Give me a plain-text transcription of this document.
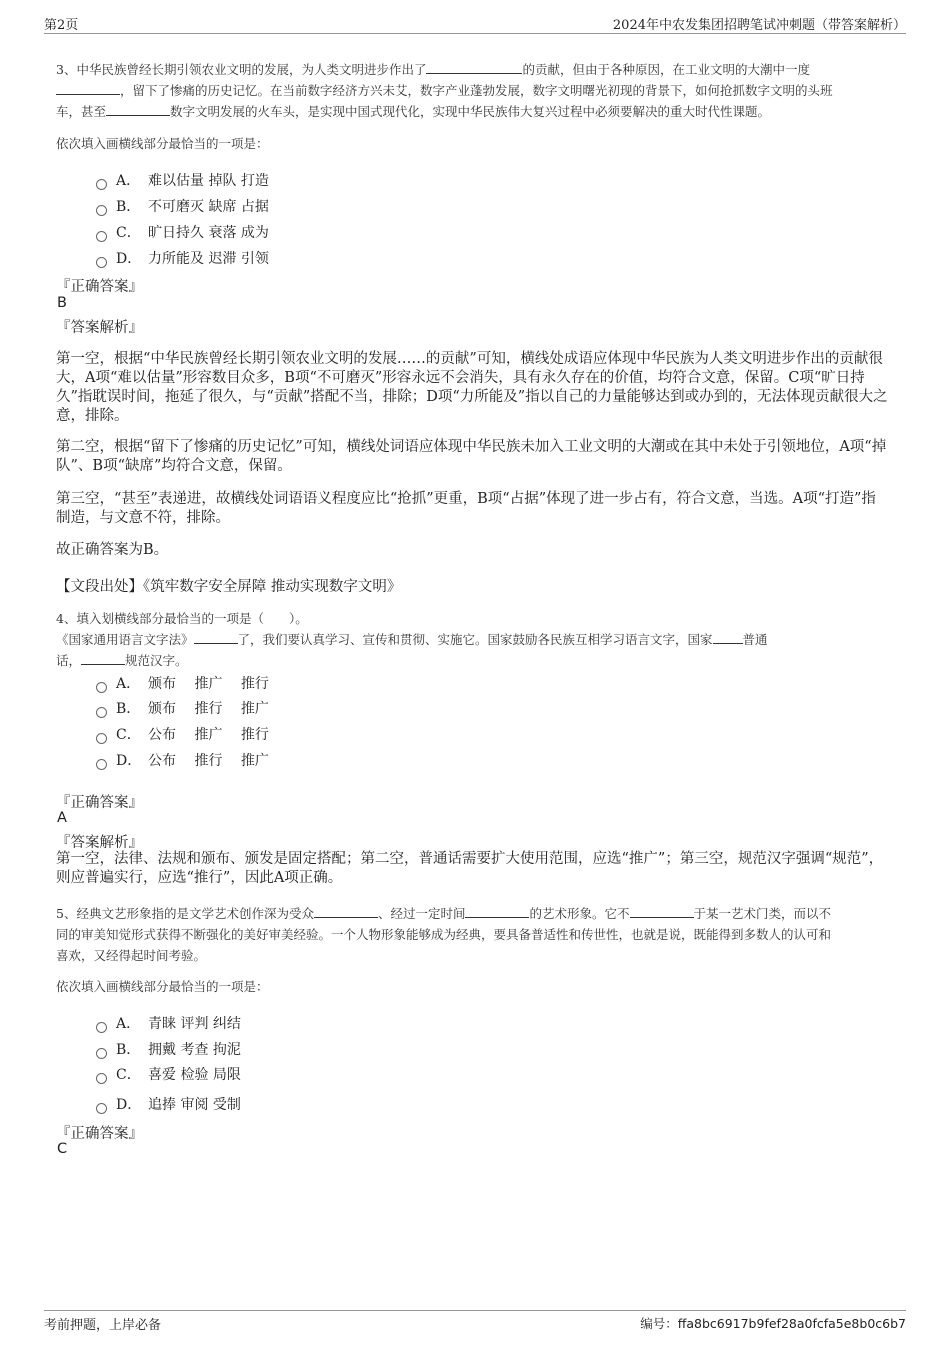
第2页	2024年中农发集团招聘笔试冲刺题（带答案解析）
3、中华民族曾经长期引领农业文明的发展，为人类文明进步作出了	的贡献，但由于各种原因，在工业文明的大潮中一度
，留下了惨痛的历史记忆。在当前数字经济方兴未艾，数字产业蓬勃发展，数字文明曙光初现的背景下，如何抢抓数字文明的头班
车，甚至	数字文明发展的火车头，是实现中国式现代化，实现中华民族伟大复兴过程中必须要解决的重大时代性课题。
依次填入画横线部分最恰当的一项是：
A． 难以估量 掉队 打造
B． 不可磨灭 缺席 占据
C． 旷日持久 衰落 成为
D． 力所能及 迟滞 引领
『正确答案』
B
『答案解析』
第一空，根据“中华民族曾经长期引领农业文明的发展……的贡献”可知，横线处成语应体现中华民族为人类文明进步作出的贡献很大，A项“难以估量”形容数目众多，B项“不可磨灭”形容永远不会消失，具有永久存在的价值，均符合文意，保留。C项“旷日持久”指耽误时间，拖延了很久，与“贡献”搭配不当，排除；D项“力所能及”指以自己的力量能够达到或办到的，无法体现贡献很大之意，排除。
第二空，根据“留下了惨痛的历史记忆”可知，横线处词语应体现中华民族未加入工业文明的大潮或在其中未处于引领地位，A项“掉队”、B项“缺席”均符合文意，保留。
第三空，“甚至”表递进，故横线处词语语义程度应比“抢抓”更重，B项“占据”体现了进一步占有，符合文意，当选。A项“打造”指制造，与文意不符，排除。
故正确答案为B。
【文段出处】《筑牢数字安全屏障 推动实现数字文明》
4、填入划横线部分最恰当的一项是（　　）。
《国家通用语言文字法》	了，我们要认真学习、宣传和贯彻、实施它。国家鼓励各民族互相学习语言文字，国家 普通
话，	规范汉字。
A． 颁布　 推广　 推行
B． 颁布　 推行　 推广
C． 公布　 推广　 推行
D． 公布　 推行　 推广
『正确答案』
A
『答案解析』
第一空，法律、法规和颁布、颁发是固定搭配；第二空，普通话需要扩大使用范围，应选“推广”；第三空，规范汉字强调“规范”，则应普遍实行，应选“推行”，因此A项正确。
5、经典文艺形象指的是文学艺术创作深为受众	、经过一定时间	的艺术形象。它不	于某一艺术门类，而以不
同的审美知觉形式获得不断强化的美好审美经验。一个人物形象能够成为经典，要具备普适性和传世性，也就是说，既能得到多数人的认可和
喜欢，又经得起时间考验。
依次填入画横线部分最恰当的一项是：
A． 青睐 评判 纠结
B． 拥戴 考查 拘泥
C． 喜爱 检验 局限
D． 追捧 审阅 受制
『正确答案』
C
考前押题，上岸必备	编号：ffa8bc6917b9fef28a0fcfa5e8b0c6b7
